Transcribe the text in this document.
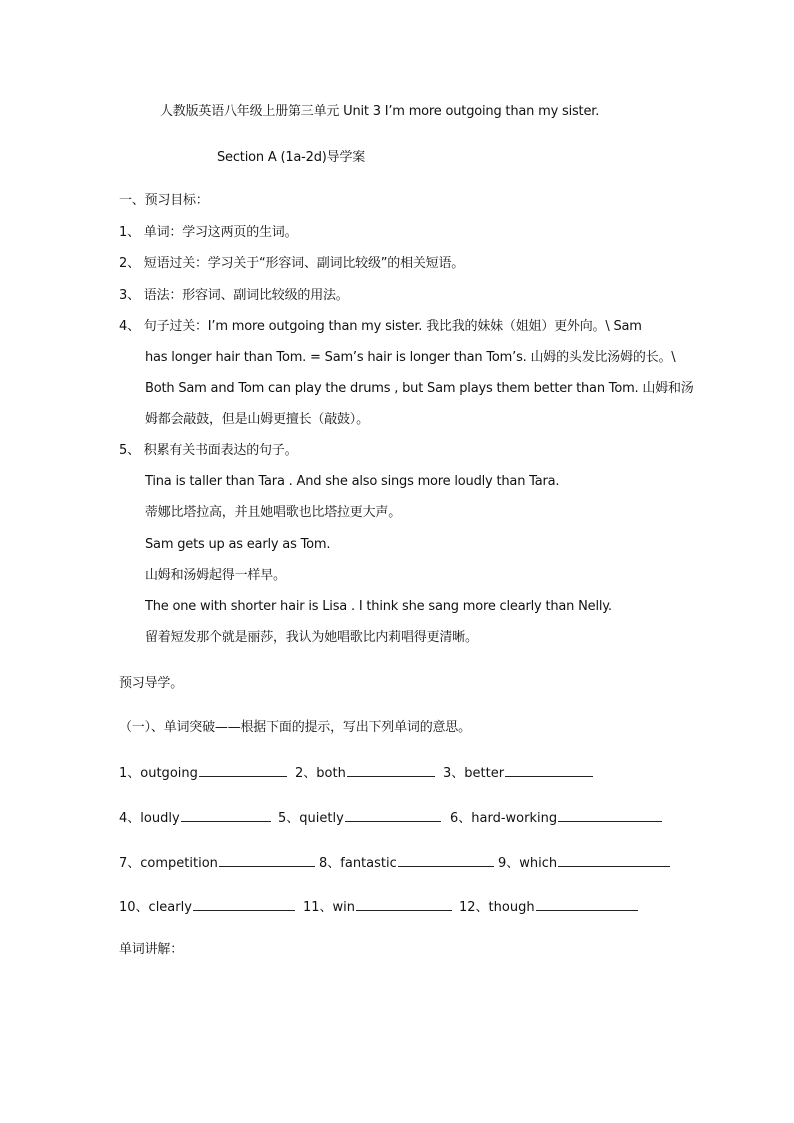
人教版英语八年级上册第三单元 Unit 3 I’m more outgoing than my sister.
Section A (1a-2d)导学案
一、预习目标：
1、 单词：学习这两页的生词。
2、 短语过关：学习关于“形容词、副词比较级”的相关短语。
3、 语法：形容词、副词比较级的用法。
4、 句子过关：I’m more outgoing than my sister. 我比我的妹妹（姐姐）更外向。\ Sam
has longer hair than Tom. = Sam’s hair is longer than Tom’s. 山姆的头发比汤姆的长。\
Both Sam and Tom can play the drums , but Sam plays them better than Tom. 山姆和汤
姆都会敲鼓，但是山姆更擅长（敲鼓）。
5、 积累有关书面表达的句子。
Tina is taller than Tara . And she also sings more loudly than Tara.
蒂娜比塔拉高，并且她唱歌也比塔拉更大声。
Sam gets up as early as Tom.
山姆和汤姆起得一样早。
The one with shorter hair is Lisa . I think she sang more clearly than Nelly.
留着短发那个就是丽莎，我认为她唱歌比内莉唱得更清晰。
预习导学。
（一）、单词突破——根据下面的提示，写出下列单词的意思。
1、outgoing	2、both	3、better
4、loudly	5、quietly	6、hard-working
7、competition	8、fantastic	9、which
10、clearly	11、win	12、though
单词讲解：
